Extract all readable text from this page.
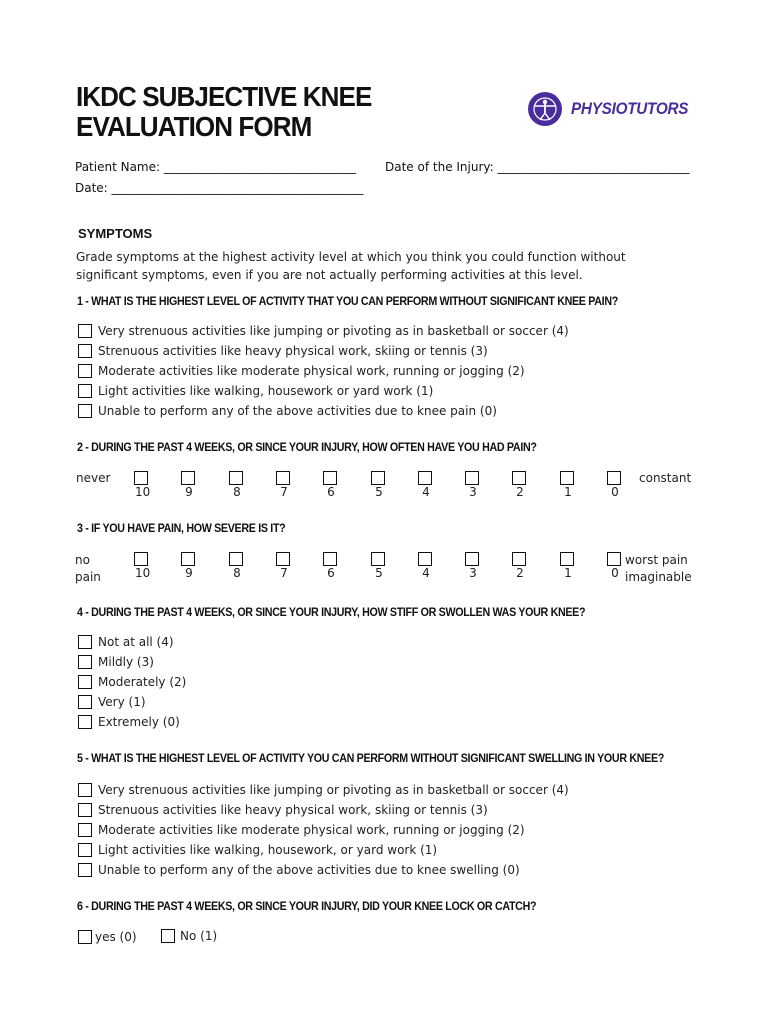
IKDC SUBJECTIVE KNEE
EVALUATION FORM
PHYSIOTUTORS
Patient Name: ________________________________ Date of the Injury: ________________________________
Date: __________________________________________
SYMPTOMS
Grade symptoms at the highest activity level at which you think you could function without
significant symptoms, even if you are not actually performing activities at this level.
1 - WHAT IS THE HIGHEST LEVEL OF ACTIVITY THAT YOU CAN PERFORM WITHOUT SIGNIFICANT KNEE PAIN?
Very strenuous activities like jumping or pivoting as in basketball or soccer (4)
Strenuous activities like heavy physical work, skiing or tennis (3)
Moderate activities like moderate physical work, running or jogging (2)
Light activities like walking, housework or yard work (1)
Unable to perform any of the above activities due to knee pain (0)
2 - DURING THE PAST 4 WEEKS, OR SINCE YOUR INJURY, HOW OFTEN HAVE YOU HAD PAIN?
never	constant
10	9	8	7	6	5	4	3	2	1	0
3 - IF YOU HAVE PAIN, HOW SEVERE IS IT?
no
pain
worst pain
imaginable
10	9	8	7	6	5	4	3	2	1	0
4 - DURING THE PAST 4 WEEKS, OR SINCE YOUR INJURY, HOW STIFF OR SWOLLEN WAS YOUR KNEE?
Not at all (4)
Mildly (3)
Moderately (2)
Very (1)
Extremely (0)
5 - WHAT IS THE HIGHEST LEVEL OF ACTIVITY YOU CAN PERFORM WITHOUT SIGNIFICANT SWELLING IN YOUR KNEE?
Very strenuous activities like jumping or pivoting as in basketball or soccer (4)
Strenuous activities like heavy physical work, skiing or tennis (3)
Moderate activities like moderate physical work, running or jogging (2)
Light activities like walking, housework, or yard work (1)
Unable to perform any of the above activities due to knee swelling (0)
6 - DURING THE PAST 4 WEEKS, OR SINCE YOUR INJURY, DID YOUR KNEE LOCK OR CATCH?
yes (0)	No (1)
